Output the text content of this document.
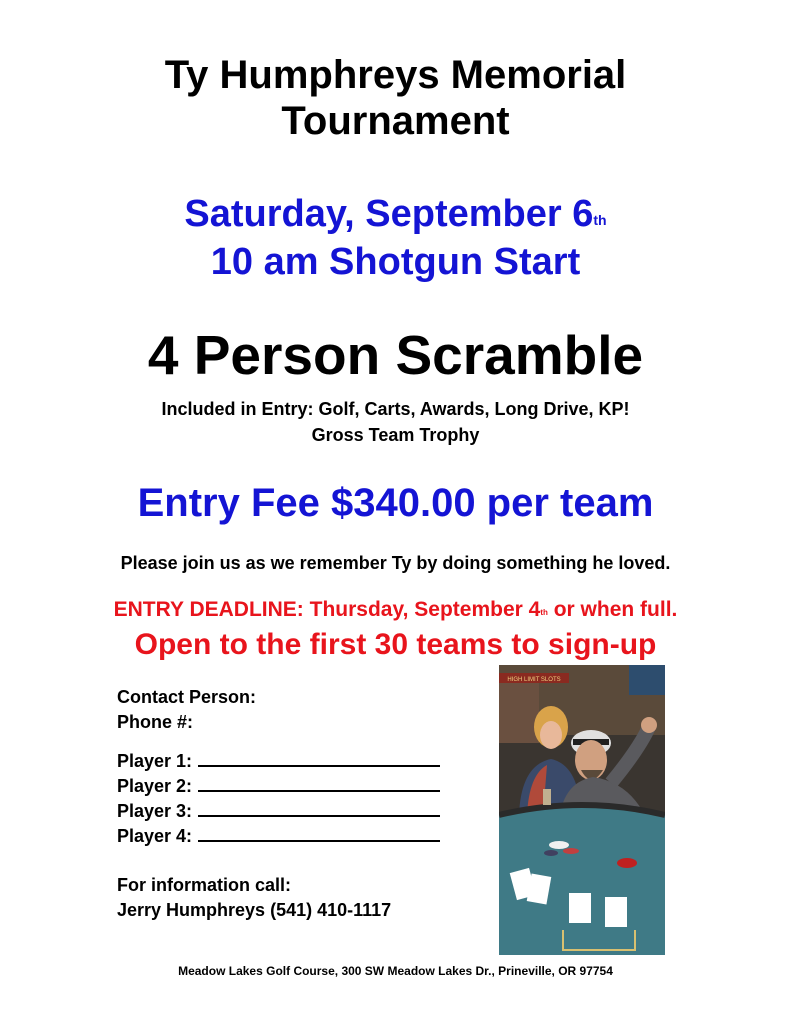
Ty Humphreys Memorial
Tournament
Saturday, September 6th
10 am Shotgun Start
4 Person Scramble
Included in Entry: Golf, Carts, Awards, Long Drive, KP!
Gross Team Trophy
Entry Fee $340.00 per team
Please join us as we remember Ty by doing something he loved.
ENTRY DEADLINE: Thursday, September 4th or when full.
Open to the first 30 teams to sign-up
Contact Person:
Phone #:
Player 1:
Player 2:
Player 3:
Player 4:
For information call:
Jerry Humphreys (541) 410-1117
HIGH LIMIT SLOTS
Meadow Lakes Golf Course, 300 SW Meadow Lakes Dr., Prineville, OR 97754
